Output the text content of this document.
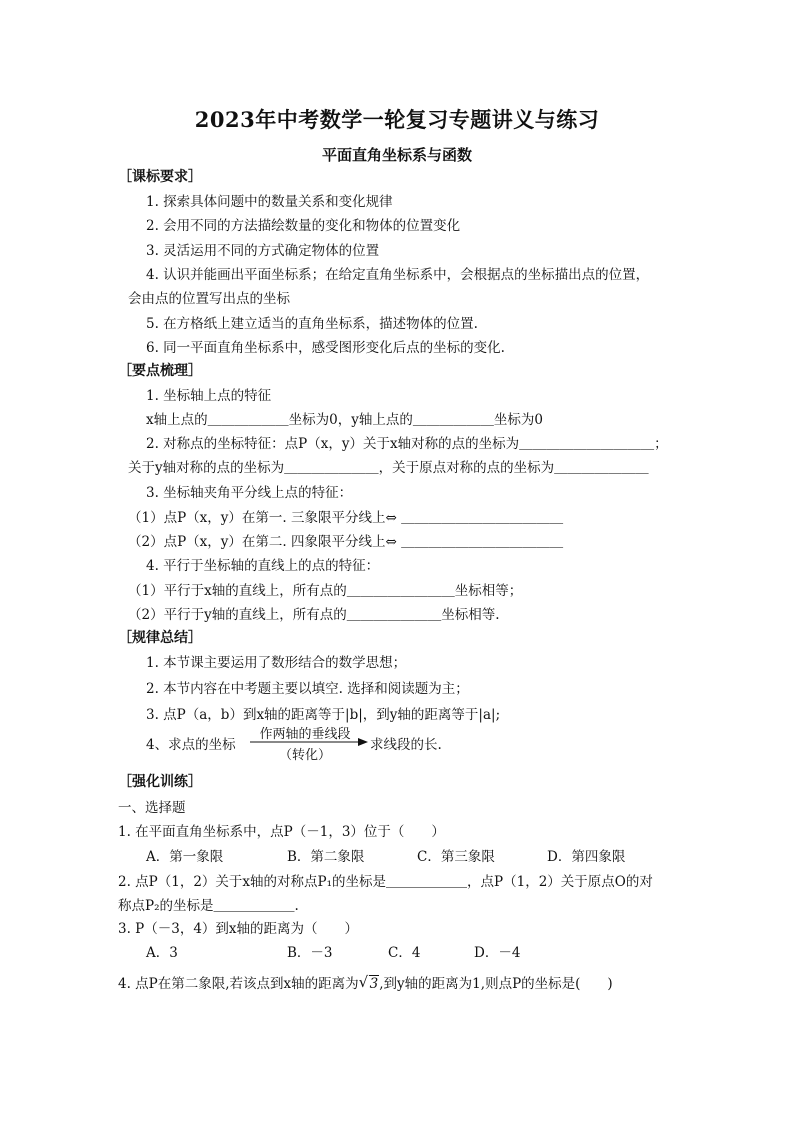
2023年中考数学一轮复习专题讲义与练习
平面直角坐标系与函数
［课标要求］
1. 探索具体问题中的数量关系和变化规律
2. 会用不同的方法描绘数量的变化和物体的位置变化
3. 灵活运用不同的方式确定物体的位置
4. 认识并能画出平面坐标系；在给定直角坐标系中，会根据点的坐标描出点的位置，
会由点的位置写出点的坐标
5. 在方格纸上建立适当的直角坐标系，描述物体的位置.
6. 同一平面直角坐标系中，感受图形变化后点的坐标的变化.
［要点梳理］
1. 坐标轴上点的特征
x轴上点的＿＿＿＿＿＿坐标为0，y轴上点的＿＿＿＿＿＿坐标为0
2. 对称点的坐标特征：点P（x，y）关于x轴对称的点的坐标为＿＿＿＿＿＿＿＿＿＿；
关于y轴对称的点的坐标为＿＿＿＿＿＿＿，关于原点对称的点的坐标为＿＿＿＿＿＿＿
3. 坐标轴夹角平分线上点的特征：
（1）点P（x，y）在第一. 三象限平分线上⇔ ＿＿＿＿＿＿＿＿＿＿＿＿
（2）点P（x，y）在第二. 四象限平分线上⇔ ＿＿＿＿＿＿＿＿＿＿＿＿
4. 平行于坐标轴的直线上的点的特征：
（1）平行于x轴的直线上，所有点的＿＿＿＿＿＿＿＿坐标相等；
（2）平行于y轴的直线上，所有点的＿＿＿＿＿＿＿坐标相等.
［规律总结］
1. 本节课主要运用了数形结合的数学思想；
2. 本节内容在中考题主要以填空. 选择和阅读题为主；
3. 点P（a，b）到x轴的距离等于|b|，到y轴的距离等于|a|;
4、求点的坐标
作两轴的垂线段
（转化）
求线段的长.
［强化训练］
一、选择题
1. 在平面直角坐标系中，点P（－1，3）位于（　　）
A．第一象限	B．第二象限	C．第三象限	D．第四象限
2. 点P（1，2）关于x轴的对称点P₁的坐标是＿＿＿＿＿＿，点P（1，2）关于原点O的对
称点P₂的坐标是＿＿＿＿＿＿.
3. P（－3，4）到x轴的距离为（　　）
A．3	B．－3	C．4	D．－4
4. 点P在第二象限,若该点到x轴的距离为 √ 3,到y轴的距离为1,则点P的坐标是(　　)
